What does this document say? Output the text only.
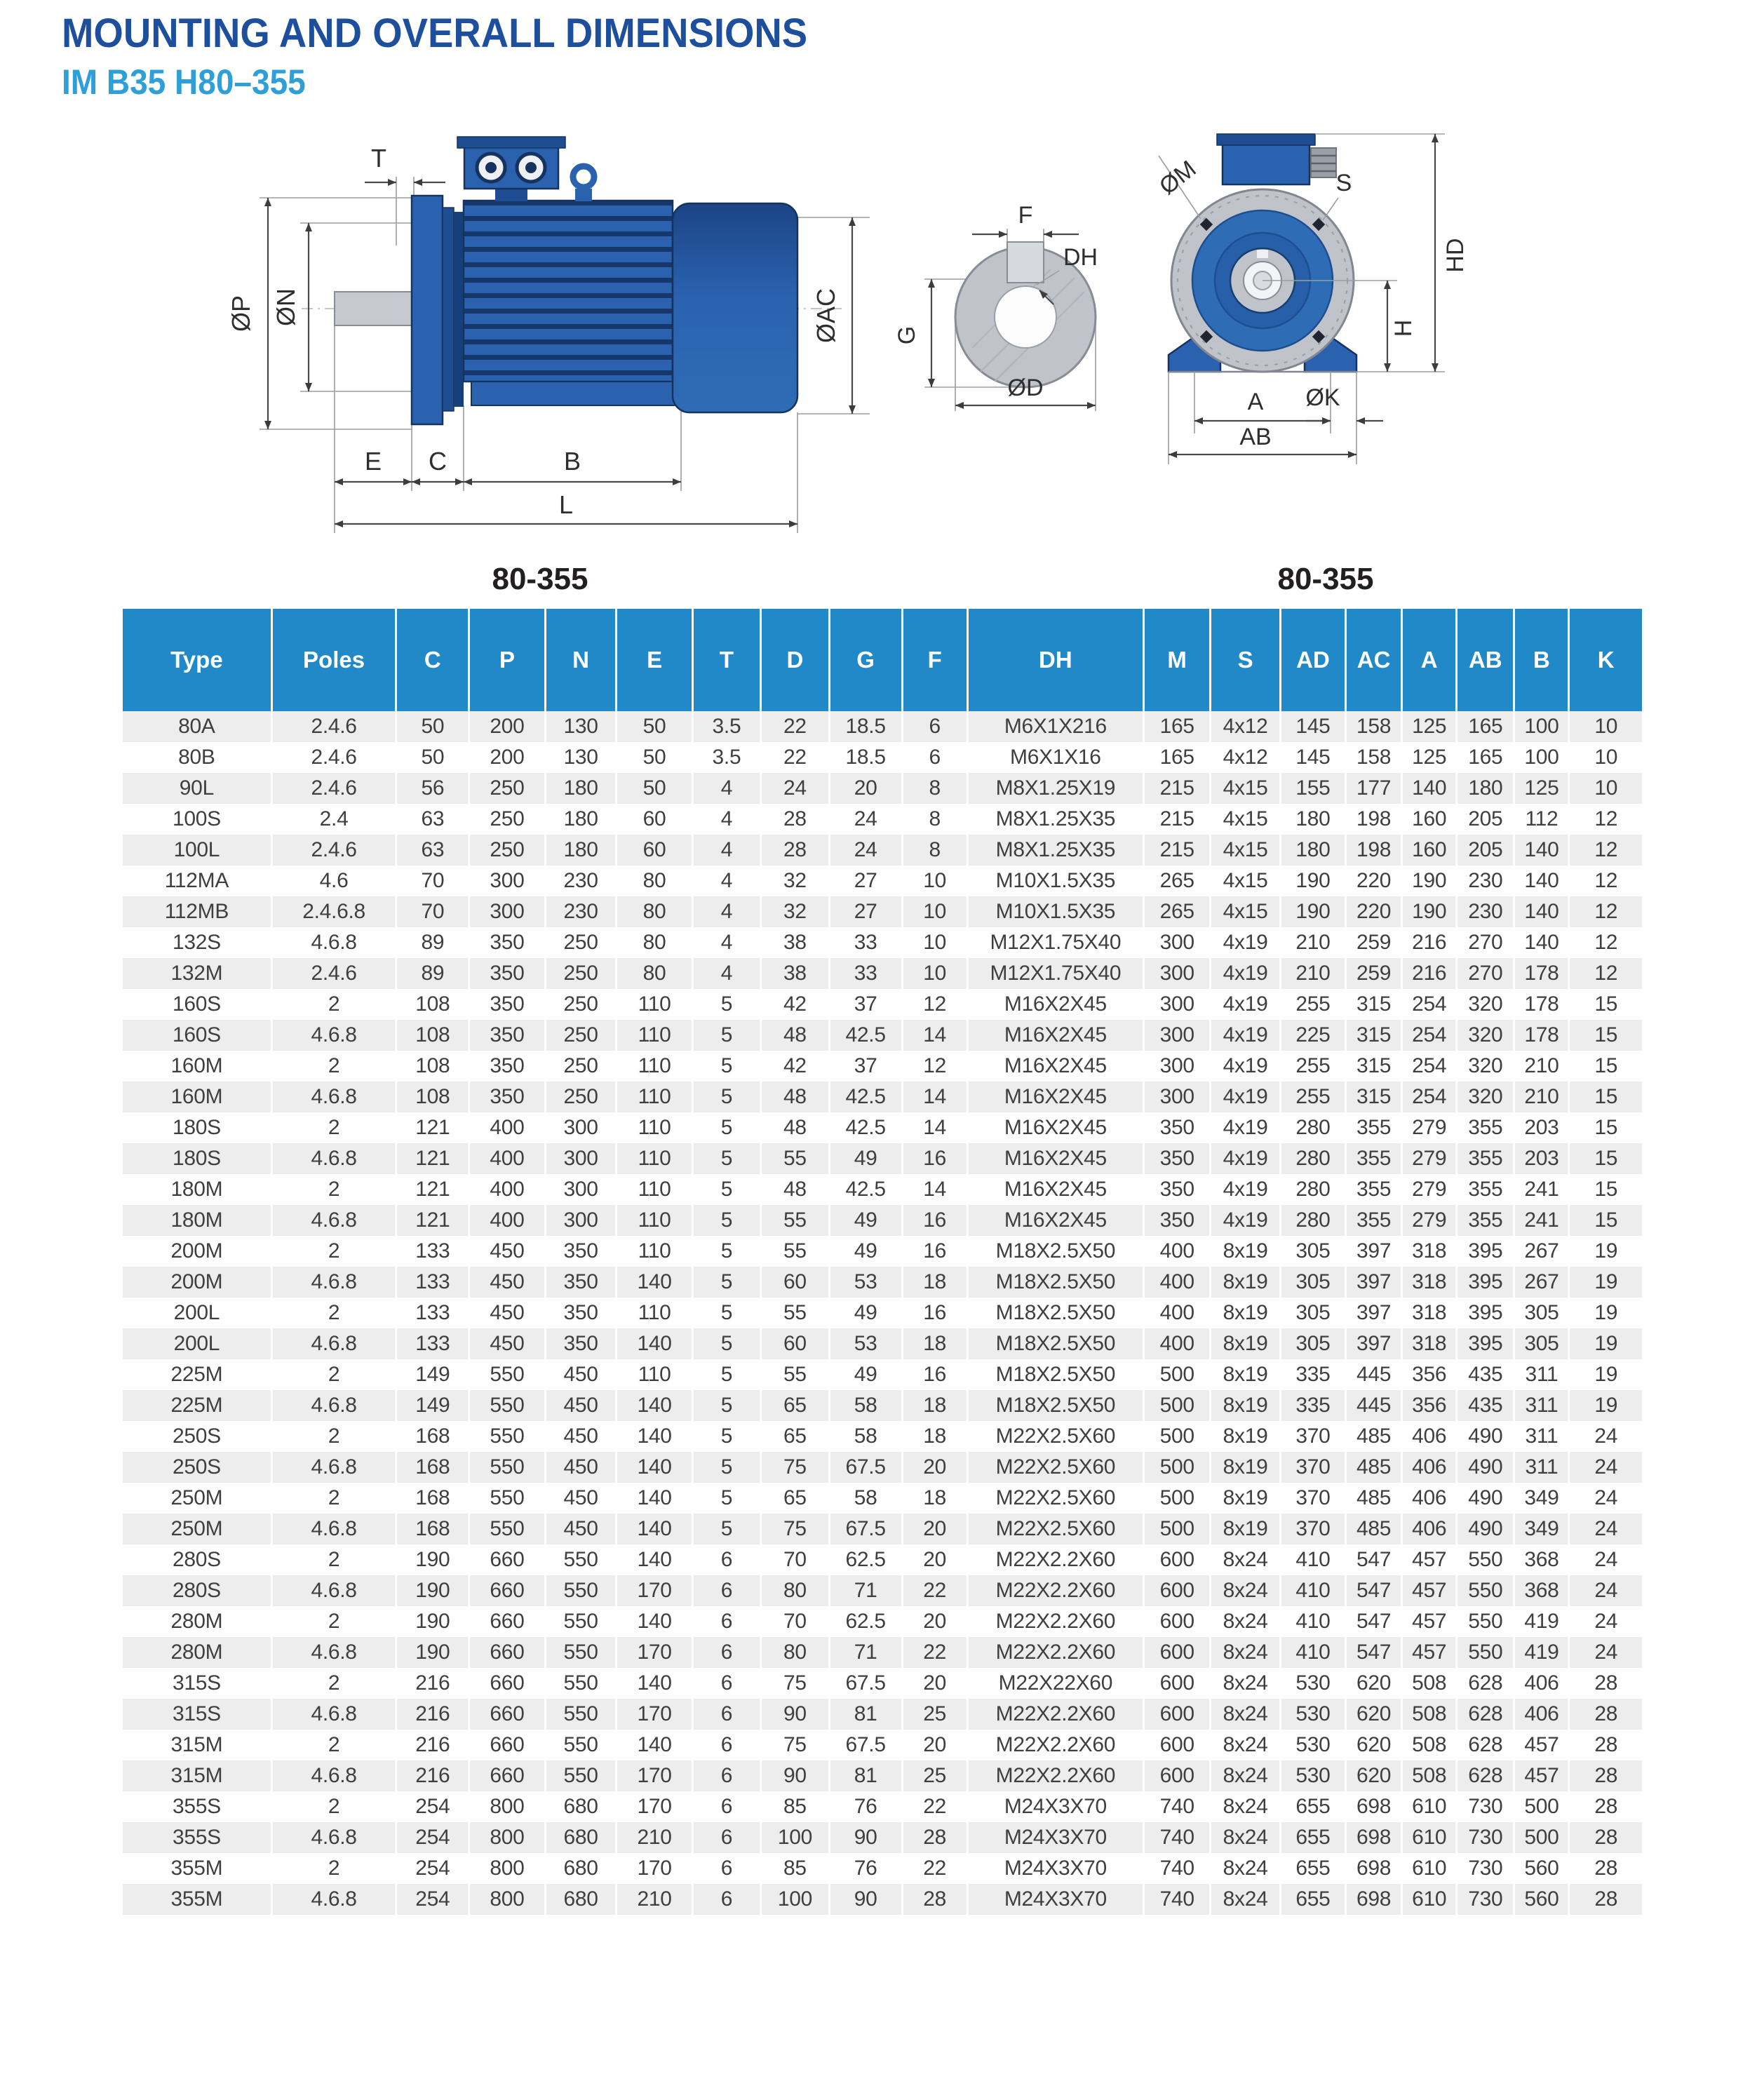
MOUNTING AND OVERALL DIMENSIONS
IM B35 H80–355
T
ØP ØN	ØAC
E C	B
L
F
DH
G
ØD
ØM	S
HD
H
A ØK
AB
80-355	80-355
Type	Poles	C	P	N	E	T	D	G	F	DH	M	S	AD	AC	A	AB	B	K
80A	2.4.6	50	200	130	50	3.5	22	18.5	6	M6X1X216	165	4x12	145	158	125	165	100	10
80B	2.4.6	50	200	130	50	3.5	22	18.5	6	M6X1X16	165	4x12	145	158	125	165	100	10
90L	2.4.6	56	250	180	50	4	24	20	8	M8X1.25X19	215	4x15	155	177	140	180	125	10
100S	2.4	63	250	180	60	4	28	24	8	M8X1.25X35	215	4x15	180	198	160	205	112	12
100L	2.4.6	63	250	180	60	4	28	24	8	M8X1.25X35	215	4x15	180	198	160	205	140	12
112MA	4.6	70	300	230	80	4	32	27	10	M10X1.5X35	265	4x15	190	220	190	230	140	12
112MB	2.4.6.8	70	300	230	80	4	32	27	10	M10X1.5X35	265	4x15	190	220	190	230	140	12
132S	4.6.8	89	350	250	80	4	38	33	10	M12X1.75X40	300	4x19	210	259	216	270	140	12
132M	2.4.6	89	350	250	80	4	38	33	10	M12X1.75X40	300	4x19	210	259	216	270	178	12
160S	2	108	350	250	110	5	42	37	12	M16X2X45	300	4x19	255	315	254	320	178	15
160S	4.6.8	108	350	250	110	5	48	42.5	14	M16X2X45	300	4x19	225	315	254	320	178	15
160M	2	108	350	250	110	5	42	37	12	M16X2X45	300	4x19	255	315	254	320	210	15
160M	4.6.8	108	350	250	110	5	48	42.5	14	M16X2X45	300	4x19	255	315	254	320	210	15
180S	2	121	400	300	110	5	48	42.5	14	M16X2X45	350	4x19	280	355	279	355	203	15
180S	4.6.8	121	400	300	110	5	55	49	16	M16X2X45	350	4x19	280	355	279	355	203	15
180M	2	121	400	300	110	5	48	42.5	14	M16X2X45	350	4x19	280	355	279	355	241	15
180M	4.6.8	121	400	300	110	5	55	49	16	M16X2X45	350	4x19	280	355	279	355	241	15
200M	2	133	450	350	110	5	55	49	16	M18X2.5X50	400	8x19	305	397	318	395	267	19
200M	4.6.8	133	450	350	140	5	60	53	18	M18X2.5X50	400	8x19	305	397	318	395	267	19
200L	2	133	450	350	110	5	55	49	16	M18X2.5X50	400	8x19	305	397	318	395	305	19
200L	4.6.8	133	450	350	140	5	60	53	18	M18X2.5X50	400	8x19	305	397	318	395	305	19
225M	2	149	550	450	110	5	55	49	16	M18X2.5X50	500	8x19	335	445	356	435	311	19
225M	4.6.8	149	550	450	140	5	65	58	18	M18X2.5X50	500	8x19	335	445	356	435	311	19
250S	2	168	550	450	140	5	65	58	18	M22X2.5X60	500	8x19	370	485	406	490	311	24
250S	4.6.8	168	550	450	140	5	75	67.5	20	M22X2.5X60	500	8x19	370	485	406	490	311	24
250M	2	168	550	450	140	5	65	58	18	M22X2.5X60	500	8x19	370	485	406	490	349	24
250M	4.6.8	168	550	450	140	5	75	67.5	20	M22X2.5X60	500	8x19	370	485	406	490	349	24
280S	2	190	660	550	140	6	70	62.5	20	M22X2.2X60	600	8x24	410	547	457	550	368	24
280S	4.6.8	190	660	550	170	6	80	71	22	M22X2.2X60	600	8x24	410	547	457	550	368	24
280M	2	190	660	550	140	6	70	62.5	20	M22X2.2X60	600	8x24	410	547	457	550	419	24
280M	4.6.8	190	660	550	170	6	80	71	22	M22X2.2X60	600	8x24	410	547	457	550	419	24
315S	2	216	660	550	140	6	75	67.5	20	M22X22X60	600	8x24	530	620	508	628	406	28
315S	4.6.8	216	660	550	170	6	90	81	25	M22X2.2X60	600	8x24	530	620	508	628	406	28
315M	2	216	660	550	140	6	75	67.5	20	M22X2.2X60	600	8x24	530	620	508	628	457	28
315M	4.6.8	216	660	550	170	6	90	81	25	M22X2.2X60	600	8x24	530	620	508	628	457	28
355S	2	254	800	680	170	6	85	76	22	M24X3X70	740	8x24	655	698	610	730	500	28
355S	4.6.8	254	800	680	210	6	100	90	28	M24X3X70	740	8x24	655	698	610	730	500	28
355M	2	254	800	680	170	6	85	76	22	M24X3X70	740	8x24	655	698	610	730	560	28
355M	4.6.8	254	800	680	210	6	100	90	28	M24X3X70	740	8x24	655	698	610	730	560	28
